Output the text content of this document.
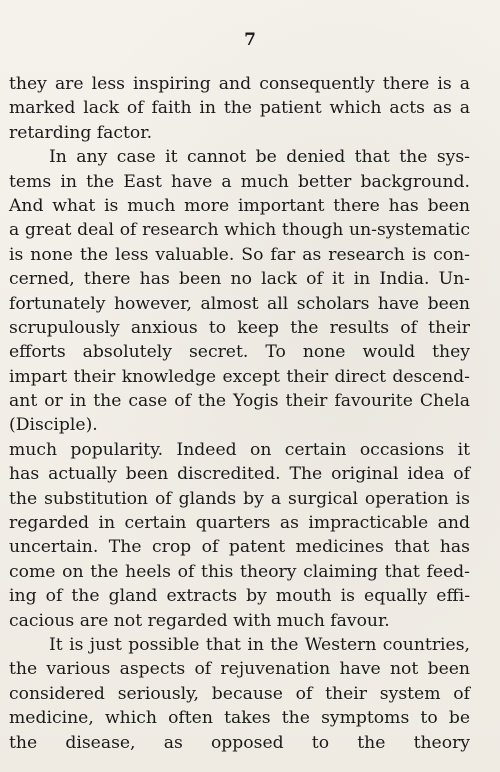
7
they are less inspiring and consequently there is a
marked lack of faith in the patient which acts as a
retarding factor.
In any case it cannot be denied that the sys-
tems in the East have a much better background.
And what is much more important there has been
a great deal of research which though un-systematic
is none the less valuable. So far as research is con-
cerned, there has been no lack of it in India. Un-
fortunately however, almost all scholars have been
scrupulously anxious to keep the results of their
efforts absolutely secret. To none would they
impart their knowledge except their direct descend-
ant or in the case of the Yogis their favourite Chela
(Disciple).
much popularity. Indeed on certain occasions it
has actually been discredited. The original idea of
the substitution of glands by a surgical operation is
regarded in certain quarters as impracticable and
uncertain. The crop of patent medicines that has
come on the heels of this theory claiming that feed-
ing of the gland extracts by mouth is equally effi-
cacious are not regarded with much favour.
It is just possible that in the Western countries,
the various aspects of rejuvenation have not been
considered seriously, because of their system of
medicine, which often takes the symptoms to be
the disease, as opposed to the theory
